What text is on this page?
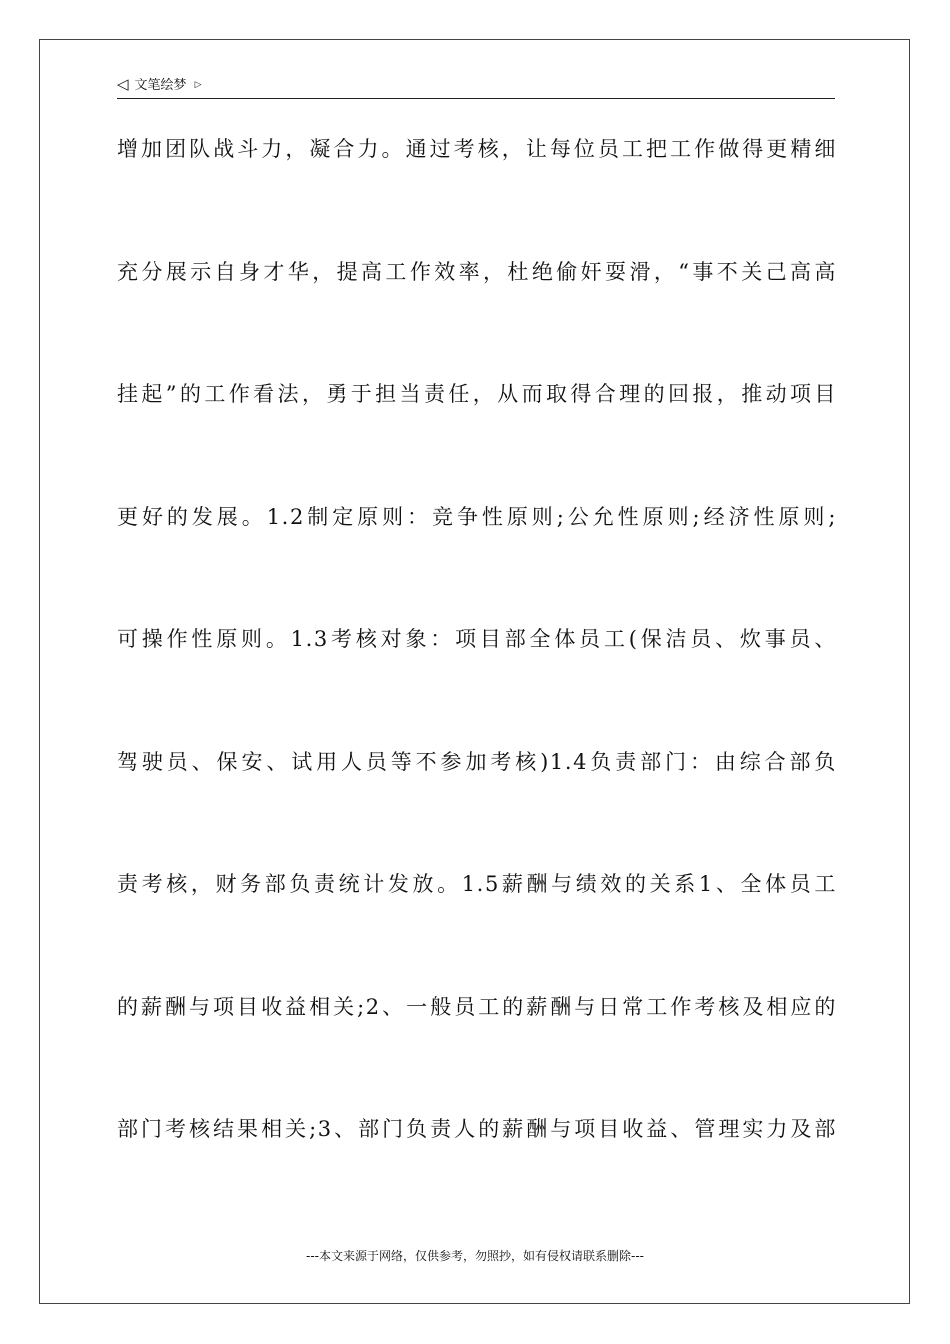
◁ 文笔绘梦 ▷
增加团队战斗力，凝合力。通过考核，让每位员工把工作做得更精细
充分展示自身才华，提高工作效率，杜绝偷奸耍滑，“事不关己高高
挂起”的工作看法，勇于担当责任，从而取得合理的回报，推动项目
更好的发展。1.2制定原则：竞争性原则;公允性原则;经济性原则;
可操作性原则。1.3考核对象：项目部全体员工(保洁员、炊事员、
驾驶员、保安、试用人员等不参加考核)1.4负责部门：由综合部负
责考核，财务部负责统计发放。1.5薪酬与绩效的关系1、全体员工
的薪酬与项目收益相关;2、一般员工的薪酬与日常工作考核及相应的
部门考核结果相关;3、部门负责人的薪酬与项目收益、管理实力及部
---本文来源于网络，仅供参考，勿照抄，如有侵权请联系删除---
